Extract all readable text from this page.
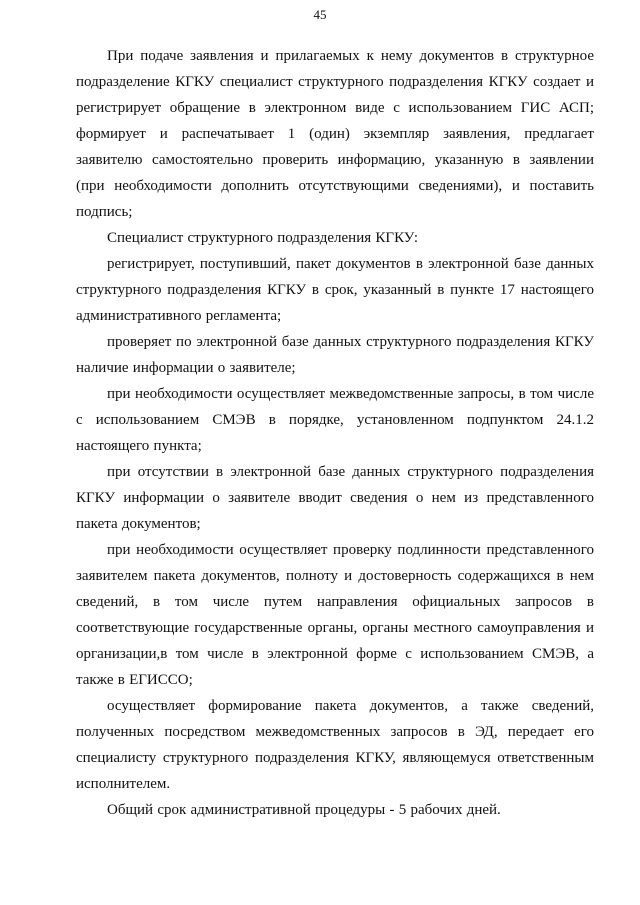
45

При подаче заявления и прилагаемых к нему документов в структурное подразделение КГКУ специалист структурного подразделения КГКУ создает и регистрирует обращение в электронном виде с использованием ГИС АСП; формирует и распечатывает 1 (один) экземпляр заявления, предлагает заявителю самостоятельно проверить информацию, указанную в заявлении (при необходимости дополнить отсутствующими сведениями), и поставить подпись;

Специалист структурного подразделения КГКУ:

регистрирует, поступивший, пакет документов в электронной базе данных структурного подразделения КГКУ в срок, указанный в пункте 17 настоящего административного регламента;

проверяет по электронной базе данных структурного подразделения КГКУ наличие информации о заявителе;

при необходимости осуществляет межведомственные запросы, в том числе с использованием СМЭВ в порядке, установленном подпунктом 24.1.2 настоящего пункта;

при отсутствии в электронной базе данных структурного подразделения КГКУ информации о заявителе вводит сведения о нем из представленного пакета документов;

при необходимости осуществляет проверку подлинности представленного заявителем пакета документов, полноту и достоверность содержащихся в нем сведений, в том числе путем направления официальных запросов в соответствующие государственные органы, органы местного самоуправления и организации,в том числе в электронной форме с использованием СМЭВ, а также в ЕГИССО;

осуществляет формирование пакета документов, а также сведений, полученных посредством межведомственных запросов в ЭД, передает его специалисту структурного подразделения КГКУ, являющемуся ответственным исполнителем.

Общий срок административной процедуры - 5 рабочих дней.
